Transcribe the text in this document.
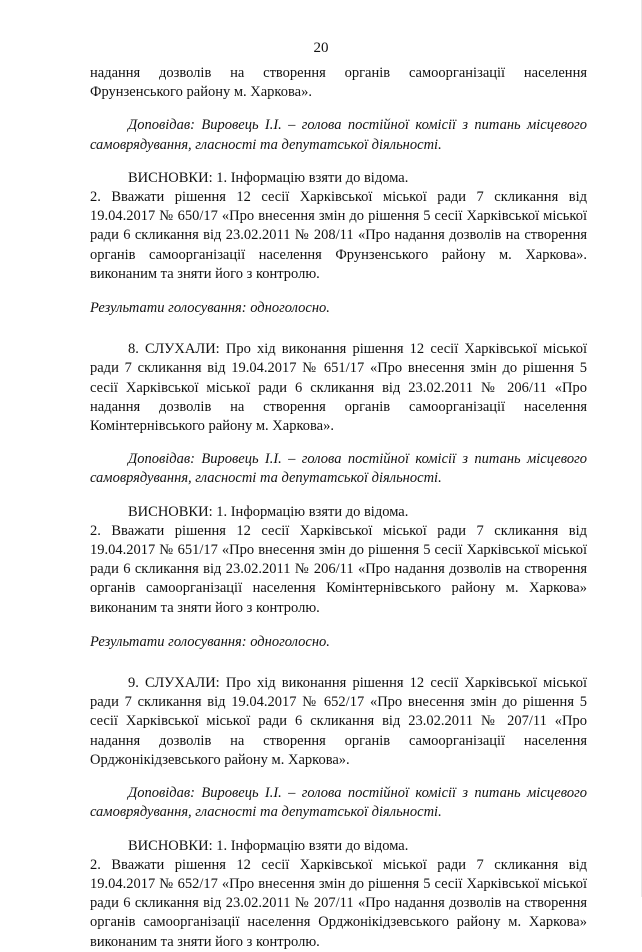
20

надання дозволів на створення органів самоорганізації населення Фрунзенського району м. Харкова».

Доповідав: Вировець І.І. – голова постійної комісії з питань місцевого самоврядування, гласності та депутатської діяльності.

ВИСНОВКИ: 1. Інформацію взяти до відома.

2. Вважати рішення 12 сесії Харківської міської ради 7 скликання від 19.04.2017 № 650/17 «Про внесення змін до рішення 5 сесії Харківської міської ради 6 скликання від 23.02.2011 № 208/11 «Про надання дозволів на створення органів самоорганізації населення Фрунзенського району м. Харкова». виконаним та зняти його з контролю.

Результати голосування: одноголосно.

8. СЛУХАЛИ: Про хід виконання рішення 12 сесії Харківської міської ради 7 скликання від 19.04.2017 № 651/17 «Про внесення змін до рішення 5 сесії Харківської міської ради 6 скликання від 23.02.2011 № 206/11 «Про надання дозволів на створення органів самоорганізації населення Комінтернівського району м. Харкова».

Доповідав: Вировець І.І. – голова постійної комісії з питань місцевого самоврядування, гласності та депутатської діяльності.

ВИСНОВКИ: 1. Інформацію взяти до відома.

2. Вважати рішення 12 сесії Харківської міської ради 7 скликання від 19.04.2017 № 651/17 «Про внесення змін до рішення 5 сесії Харківської міської ради 6 скликання від 23.02.2011 № 206/11 «Про надання дозволів на створення органів самоорганізації населення Комінтернівського району м. Харкова» виконаним та зняти його з контролю.

Результати голосування: одноголосно.

9. СЛУХАЛИ: Про хід виконання рішення 12 сесії Харківської міської ради 7 скликання від 19.04.2017 № 652/17 «Про внесення змін до рішення 5 сесії Харківської міської ради 6 скликання від 23.02.2011 № 207/11 «Про надання дозволів на створення органів самоорганізації населення Орджонікідзевського району м. Харкова».

Доповідав: Вировець І.І. – голова постійної комісії з питань місцевого самоврядування, гласності та депутатської діяльності.

ВИСНОВКИ: 1. Інформацію взяти до відома.

2. Вважати рішення 12 сесії Харківської міської ради 7 скликання від 19.04.2017 № 652/17 «Про внесення змін до рішення 5 сесії Харківської міської ради 6 скликання від 23.02.2011 № 207/11 «Про надання дозволів на створення органів самоорганізації населення Орджонікідзевського району м. Харкова» виконаним та зняти його з контролю.
